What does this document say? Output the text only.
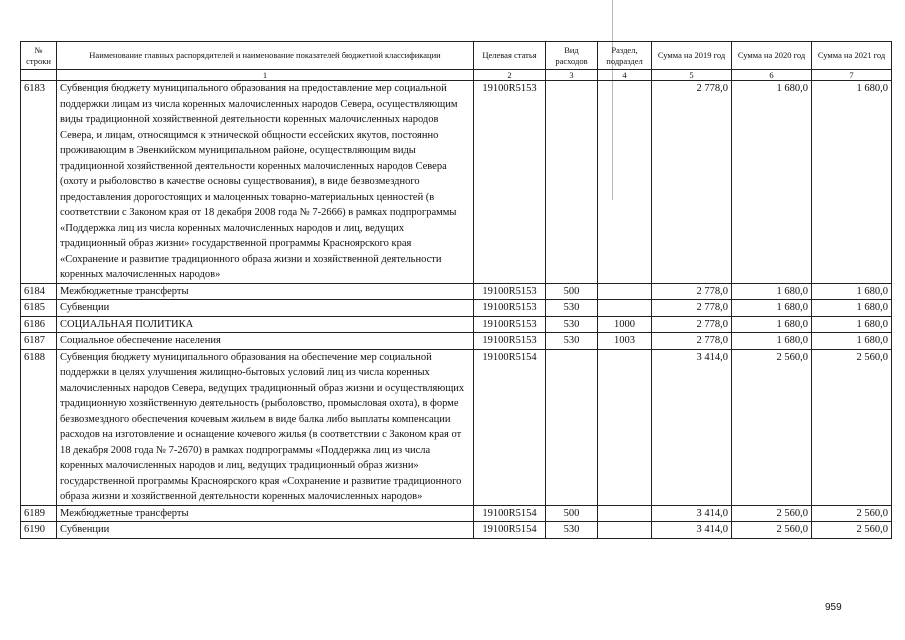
№ строки	Наименование главных распорядителей и наименование показателей бюджетной классификации	Целевая статья	Вид расходов	Раздел, подраздел	Сумма на 2019 год	Сумма на 2020 год	Сумма на 2021 год
	1	2	3	4	5	6	7
6183	Субвенция бюджету муниципального образования на предоставление мер социальной поддержки лицам из числа коренных малочисленных народов Севера, осуществляющим виды традиционной хозяйственной деятельности коренных малочисленных народов Севера, и лицам, относящимся к этнической общности ессейских якутов, постоянно проживающим в Эвенкийском муниципальном районе, осуществляющим виды традиционной хозяйственной деятельности коренных малочисленных народов Севера (охоту и рыболовство в качестве основы существования), в виде безвозмездного предоставления дорогостоящих и малоценных товарно-материальных ценностей (в соответствии с Законом края от 18 декабря 2008 года № 7-2666) в рамках подпрограммы «Поддержка лиц из числа коренных малочисленных народов и лиц, ведущих традиционный образ жизни» государственной программы Красноярского края «Сохранение и развитие традиционного образа жизни и хозяйственной деятельности коренных малочисленных народов»	19100R5153			2 778,0	1 680,0	1 680,0
6184	Межбюджетные трансферты	19100R5153	500		2 778,0	1 680,0	1 680,0
6185	Субвенции	19100R5153	530		2 778,0	1 680,0	1 680,0
6186	СОЦИАЛЬНАЯ ПОЛИТИКА	19100R5153	530	1000	2 778,0	1 680,0	1 680,0
6187	Социальное обеспечение населения	19100R5153	530	1003	2 778,0	1 680,0	1 680,0
6188	Субвенция бюджету муниципального образования на обеспечение мер социальной поддержки в целях улучшения жилищно-бытовых условий лиц из числа коренных малочисленных народов Севера, ведущих традиционный образ жизни и осуществляющих традиционную хозяйственную деятельность (рыболовство, промысловая охота), в форме безвозмездного обеспечения кочевым жильем в виде балка либо выплаты компенсации расходов на изготовление и оснащение кочевого жилья (в соответствии с Законом края от 18 декабря 2008 года № 7-2670) в рамках подпрограммы «Поддержка лиц из числа коренных малочисленных народов и лиц, ведущих традиционный образ жизни» государственной программы Красноярского края «Сохранение и развитие традиционного образа жизни и хозяйственной деятельности коренных малочисленных народов»	19100R5154			3 414,0	2 560,0	2 560,0
6189	Межбюджетные трансферты	19100R5154	500		3 414,0	2 560,0	2 560,0
6190	Субвенции	19100R5154	530		3 414,0	2 560,0	2 560,0
959
